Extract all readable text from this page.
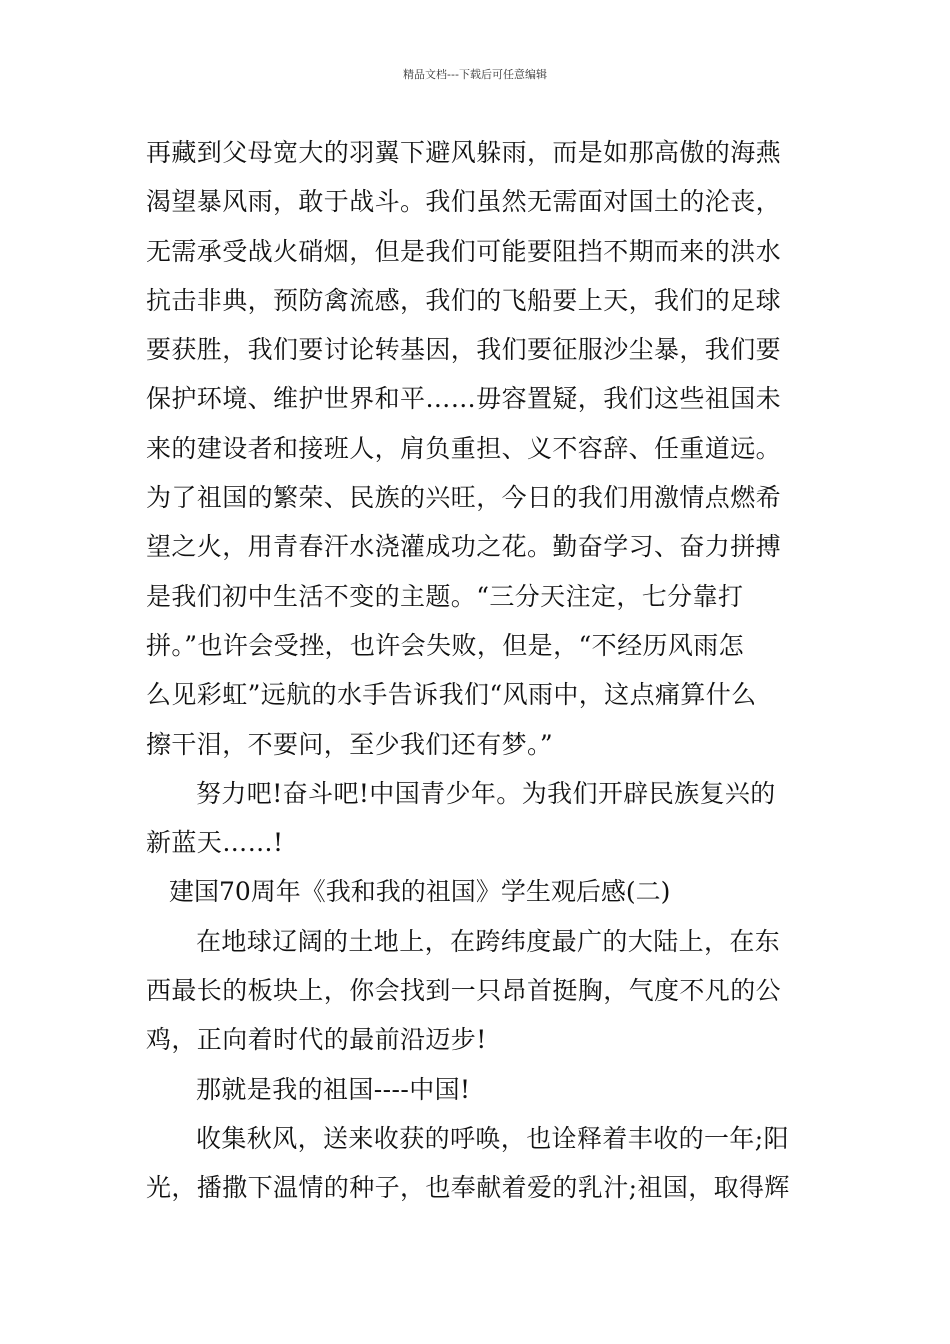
精品文档---下载后可任意编辑
再藏到父母宽大的羽翼下避风躲雨，而是如那高傲的海燕
渴望暴风雨，敢于战斗。我们虽然无需面对国土的沦丧，
无需承受战火硝烟，但是我们可能要阻挡不期而来的洪水
抗击非典，预防禽流感，我们的飞船要上天，我们的足球
要获胜，我们要讨论转基因，我们要征服沙尘暴，我们要
保护环境、维护世界和平……毋容置疑，我们这些祖国未
来的建设者和接班人，肩负重担、义不容辞、任重道远。
为了祖国的繁荣、民族的兴旺，今日的我们用激情点燃希
望之火，用青春汗水浇灌成功之花。勤奋学习、奋力拼搏
是我们初中生活不变的主题。“三分天注定，七分靠打
拼。”也许会受挫，也许会失败，但是，“不经历风雨怎
么见彩虹”远航的水手告诉我们“风雨中，这点痛算什么
擦干泪，不要问，至少我们还有梦。”
努力吧!奋斗吧!中国青少年。为我们开辟民族复兴的
新蓝天……!
建国70周年《我和我的祖国》学生观后感(二)
在地球辽阔的土地上，在跨纬度最广的大陆上，在东
西最长的板块上，你会找到一只昂首挺胸，气度不凡的公
鸡，正向着时代的最前沿迈步!
那就是我的祖国----中国!
收集秋风，送来收获的呼唤，也诠释着丰收的一年;阳
光，播撒下温情的种子，也奉献着爱的乳汁;祖国，取得辉
